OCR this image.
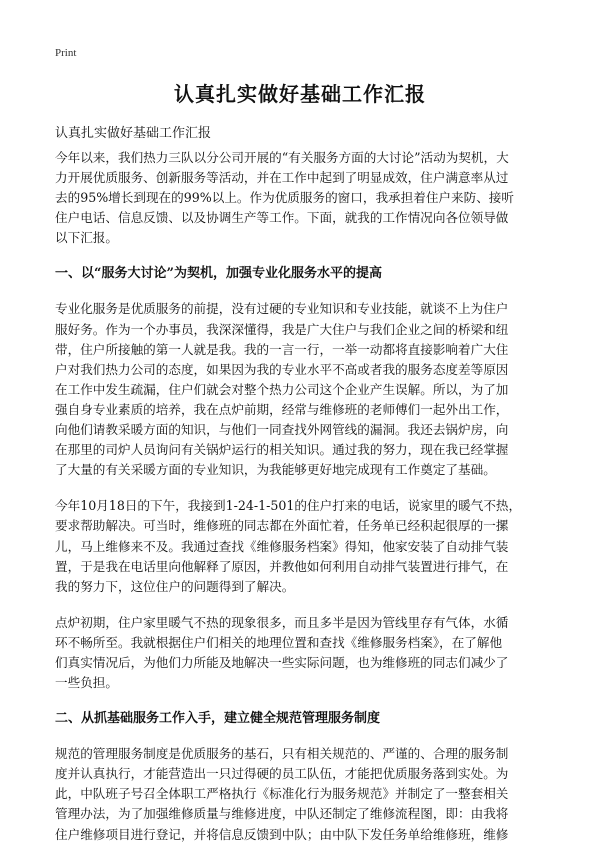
Print
认真扎实做好基础工作汇报
认真扎实做好基础工作汇报
今年以来，我们热力三队以分公司开展的“有关服务方面的大讨论”活动为契机，大
力开展优质服务、创新服务等活动，并在工作中起到了明显成效，住户满意率从过
去的95%增长到现在的99%以上。作为优质服务的窗口，我承担着住户来防、接听
住户电话、信息反馈、以及协调生产等工作。下面，就我的工作情况向各位领导做
以下汇报。
一、以“服务大讨论”为契机，加强专业化服务水平的提高
专业化服务是优质服务的前提，没有过硬的专业知识和专业技能，就谈不上为住户
服好务。作为一个办事员，我深深懂得，我是广大住户与我们企业之间的桥梁和纽
带，住户所接触的第一人就是我。我的一言一行，一举一动都将直接影响着广大住
户对我们热力公司的态度，如果因为我的专业水平不高或者我的服务态度差等原因
在工作中发生疏漏，住户们就会对整个热力公司这个企业产生误解。所以，为了加
强自身专业素质的培养，我在点炉前期，经常与维修班的老师傅们一起外出工作，
向他们请教采暖方面的知识，与他们一同查找外网管线的漏洞。我还去锅炉房，向
在那里的司炉人员询问有关锅炉运行的相关知识。通过我的努力，现在我已经掌握
了大量的有关采暖方面的专业知识，为我能够更好地完成现有工作奠定了基础。
今年10月18日的下午，我接到1-24-1-501的住户打来的电话，说家里的暖气不热，
要求帮助解决。可当时，维修班的同志都在外面忙着，任务单已经积起很厚的一摞
儿，马上维修来不及。我通过查找《维修服务档案》得知，他家安装了自动排气装
置，于是我在电话里向他解释了原因，并教他如何利用自动排气装置进行排气，在
我的努力下，这位住户的问题得到了解决。
点炉初期，住户家里暖气不热的现象很多，而且多半是因为管线里存有气体，水循
环不畅所至。我就根据住户们相关的地理位置和查找《维修服务档案》，在了解他
们真实情况后，为他们力所能及地解决一些实际问题，也为维修班的同志们减少了
一些负担。
二、从抓基础服务工作入手，建立健全规范管理服务制度
规范的管理服务制度是优质服务的基石，只有相关规范的、严谨的、合理的服务制
度并认真执行，才能营造出一只过得硬的员工队伍，才能把优质服务落到实处。为
此，中队班子号召全体职工严格执行《标准化行为服务规范》并制定了一整套相关
管理办法，为了加强维修质量与维修进度，中队还制定了维修流程图，即：由我将
住户维修项目进行登记，并将信息反馈到中队；由中队下发任务单给维修班，维修
